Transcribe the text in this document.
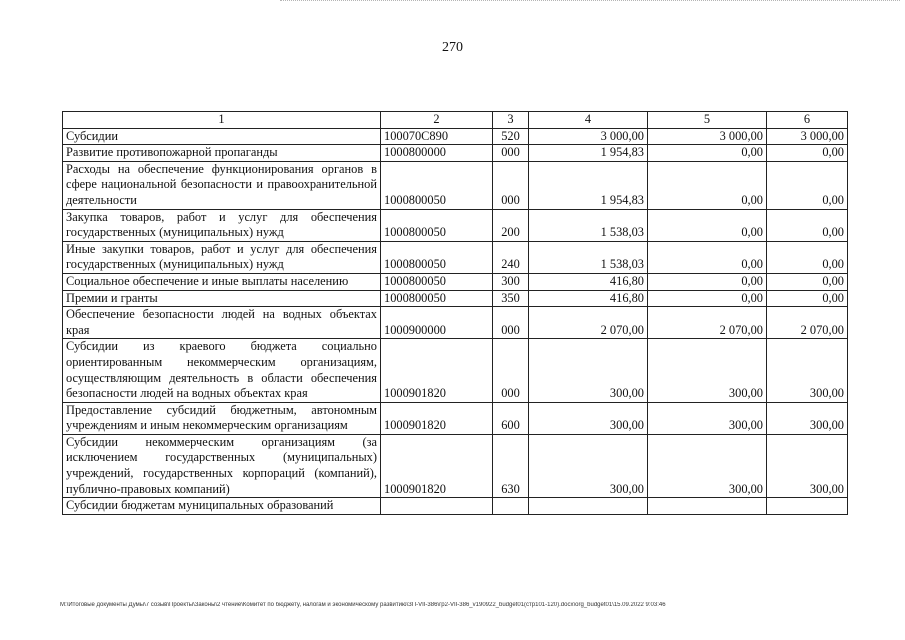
270
1	2	3	4	5	6
Субсидии	100070С890	520	3 000,00	3 000,00	3 000,00
Развитие противопожарной пропаганды	1000800000	000	1 954,83	0,00	0,00
Расходы на обеспечение функционирования органов в сфере национальной безопасности и правоохранительной деятельности	1000800050	000	1 954,83	0,00	0,00
Закупка товаров, работ и услуг для обеспечения государственных (муниципальных) нужд	1000800050	200	1 538,03	0,00	0,00
Иные закупки товаров, работ и услуг для обеспечения государственных (муниципальных) нужд	1000800050	240	1 538,03	0,00	0,00
Социальное обеспечение и иные выплаты населению	1000800050	300	416,80	0,00	0,00
Премии и гранты	1000800050	350	416,80	0,00	0,00
Обеспечение безопасности людей на водных объектах края	1000900000	000	2 070,00	2 070,00	2 070,00
Субсидии из краевого бюджета социально ориентированным некоммерческим организациям, осуществляющим деятельность в области обеспечения безопасности людей на водных объектах края	1000901820	000	300,00	300,00	300,00
Предоставление субсидий бюджетным, автономным учреждениям и иным некоммерческим организациям	1000901820	600	300,00	300,00	300,00
Субсидии некоммерческим организациям (за исключением государственных (муниципальных) учреждений, государственных корпораций (компаний), публично-правовых компаний)	1000901820	630	300,00	300,00	300,00
Субсидии бюджетам муниципальных образований					
М:\Итоговые документы Думы\7 созыв\Проекты\Законы\2 чтение\Комитет по бюджету, налогам и экономическому развитию\ЗП-VII-386\гр2-VII-386_v190922_budget01(стр101-120).docx\org_budget01\15.09.2022 9:03:46
